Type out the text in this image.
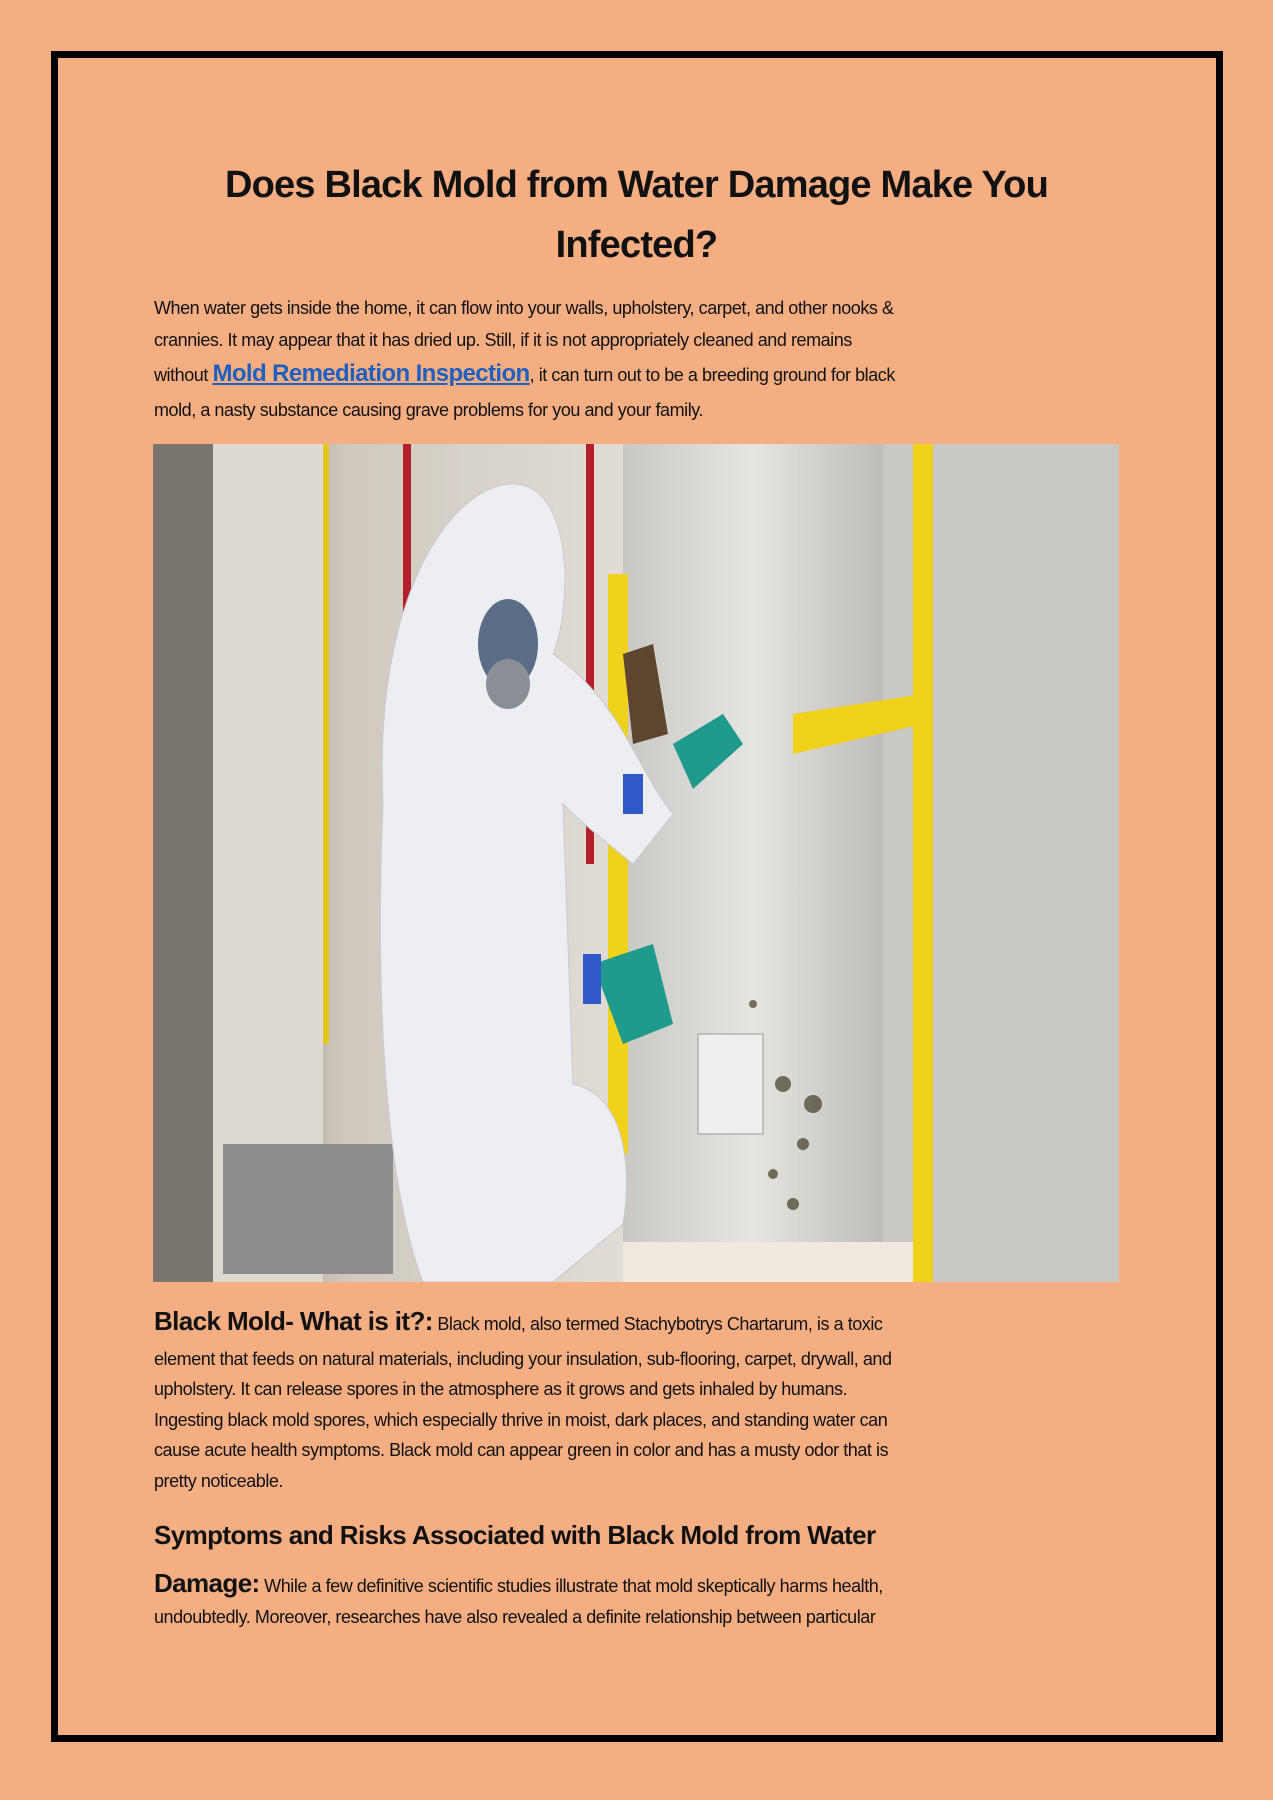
Does Black Mold from Water Damage Make You
Infected?
When water gets inside the home, it can flow into your walls, upholstery, carpet, and other nooks &
crannies. It may appear that it has dried up. Still, if it is not appropriately cleaned and remains
without Mold Remediation Inspection, it can turn out to be a breeding ground for black
mold, a nasty substance causing grave problems for you and your family.
Black Mold- What is it?: Black mold, also termed Stachybotrys Chartarum, is a toxic
element that feeds on natural materials, including your insulation, sub-flooring, carpet, drywall, and
upholstery. It can release spores in the atmosphere as it grows and gets inhaled by humans.
Ingesting black mold spores, which especially thrive in moist, dark places, and standing water can
cause acute health symptoms. Black mold can appear green in color and has a musty odor that is
pretty noticeable.
Symptoms and Risks Associated with Black Mold from Water
Damage: While a few definitive scientific studies illustrate that mold skeptically harms health,
undoubtedly. Moreover, researches have also revealed a definite relationship between particular
